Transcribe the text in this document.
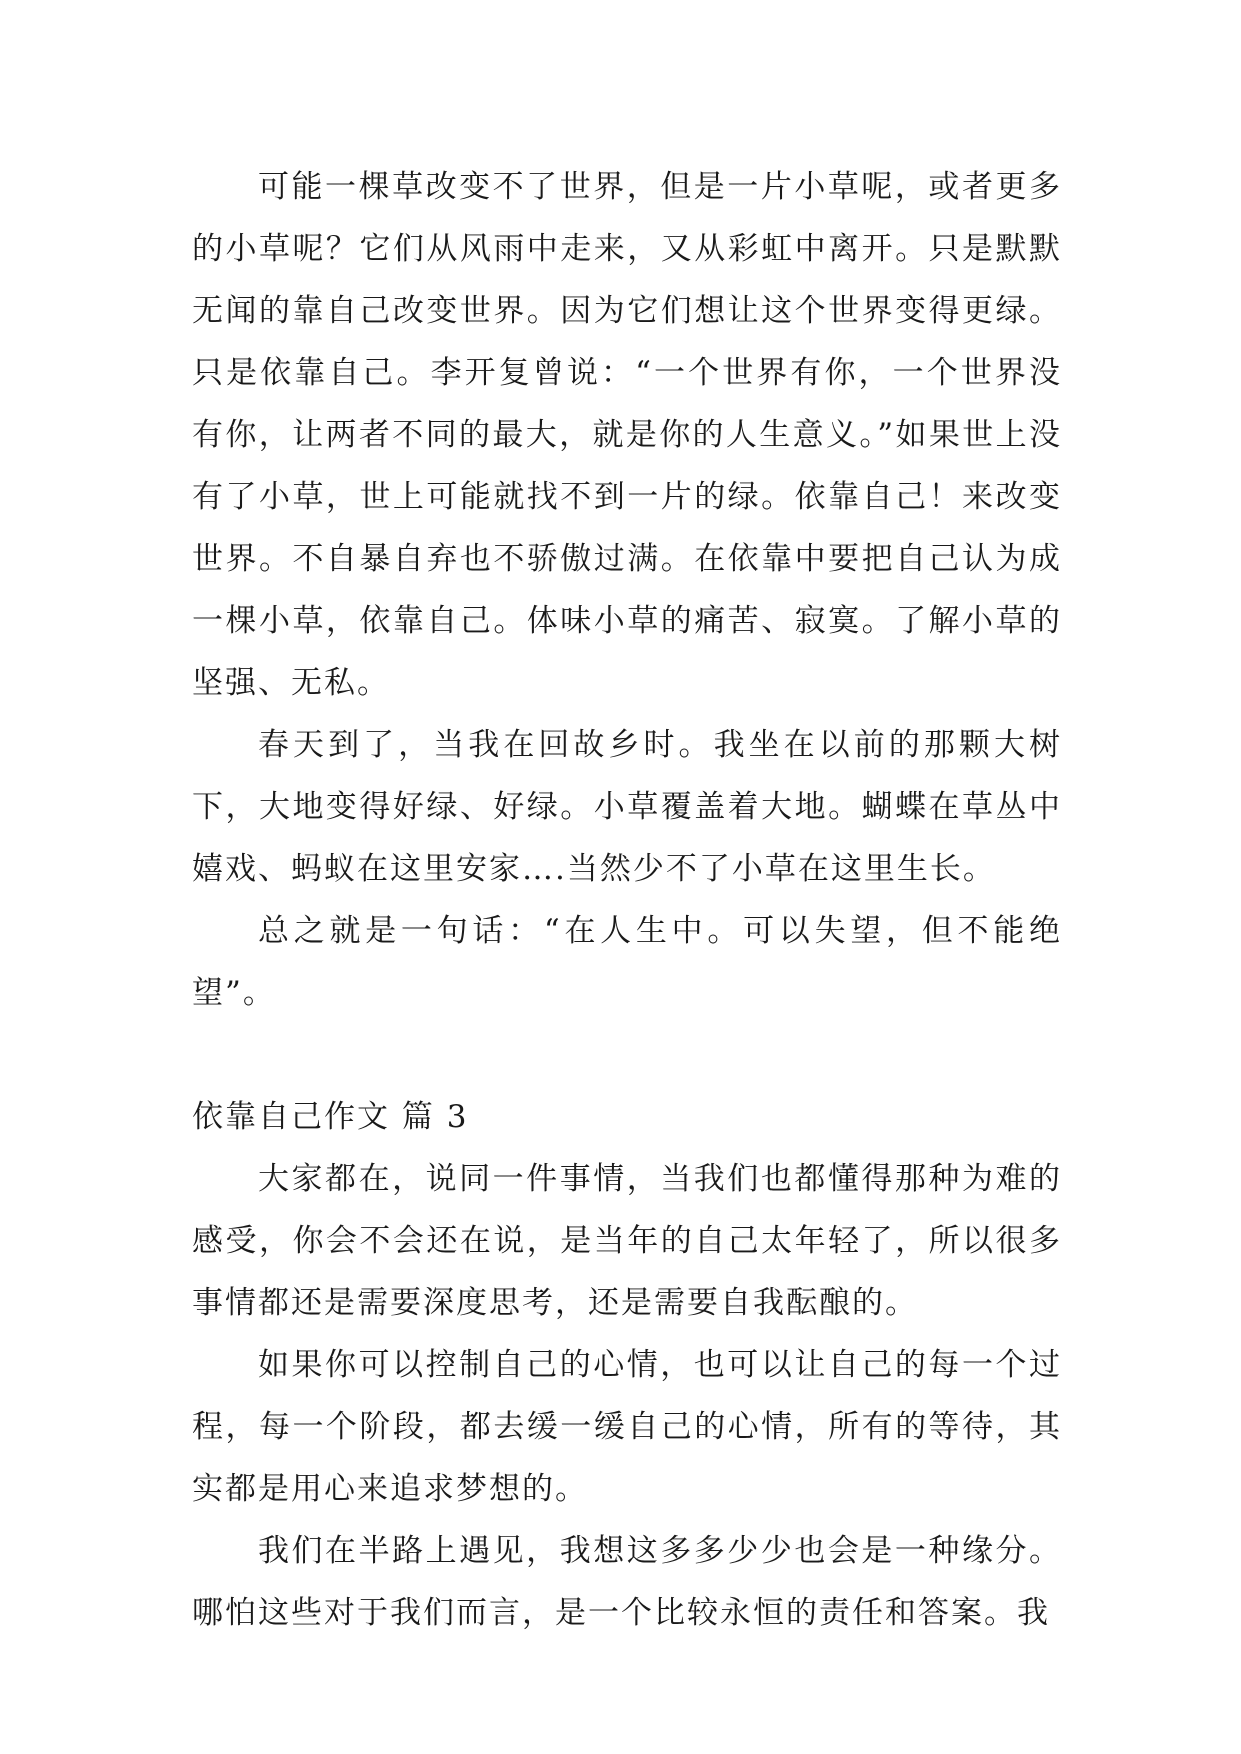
可能一棵草改变不了世界，但是一片小草呢，或者更多的小草呢？它们从风雨中走来，又从彩虹中离开。只是默默无闻的靠自己改变世界。因为它们想让这个世界变得更绿。只是依靠自己。李开复曾说：“一个世界有你，一个世界没有你，让两者不同的最大，就是你的人生意义。”如果世上没有了小草，世上可能就找不到一片的绿。依靠自己！来改变世界。不自暴自弃也不骄傲过满。在依靠中要把自己认为成一棵小草，依靠自己。体味小草的痛苦、寂寞。了解小草的坚强、无私。

春天到了，当我在回故乡时。我坐在以前的那颗大树下，大地变得好绿、好绿。小草覆盖着大地。蝴蝶在草丛中嬉戏、蚂蚁在这里安家….当然少不了小草在这里生长。

总之就是一句话：“在人生中。可以失望，但不能绝望”。

依靠自己作文 篇 3

大家都在，说同一件事情，当我们也都懂得那种为难的感受，你会不会还在说，是当年的自己太年轻了，所以很多事情都还是需要深度思考，还是需要自我酝酿的。

如果你可以控制自己的心情，也可以让自己的每一个过程，每一个阶段，都去缓一缓自己的心情，所有的等待，其实都是用心来追求梦想的。

我们在半路上遇见，我想这多多少少也会是一种缘分。哪怕这些对于我们而言，是一个比较永恒的责任和答案。我
